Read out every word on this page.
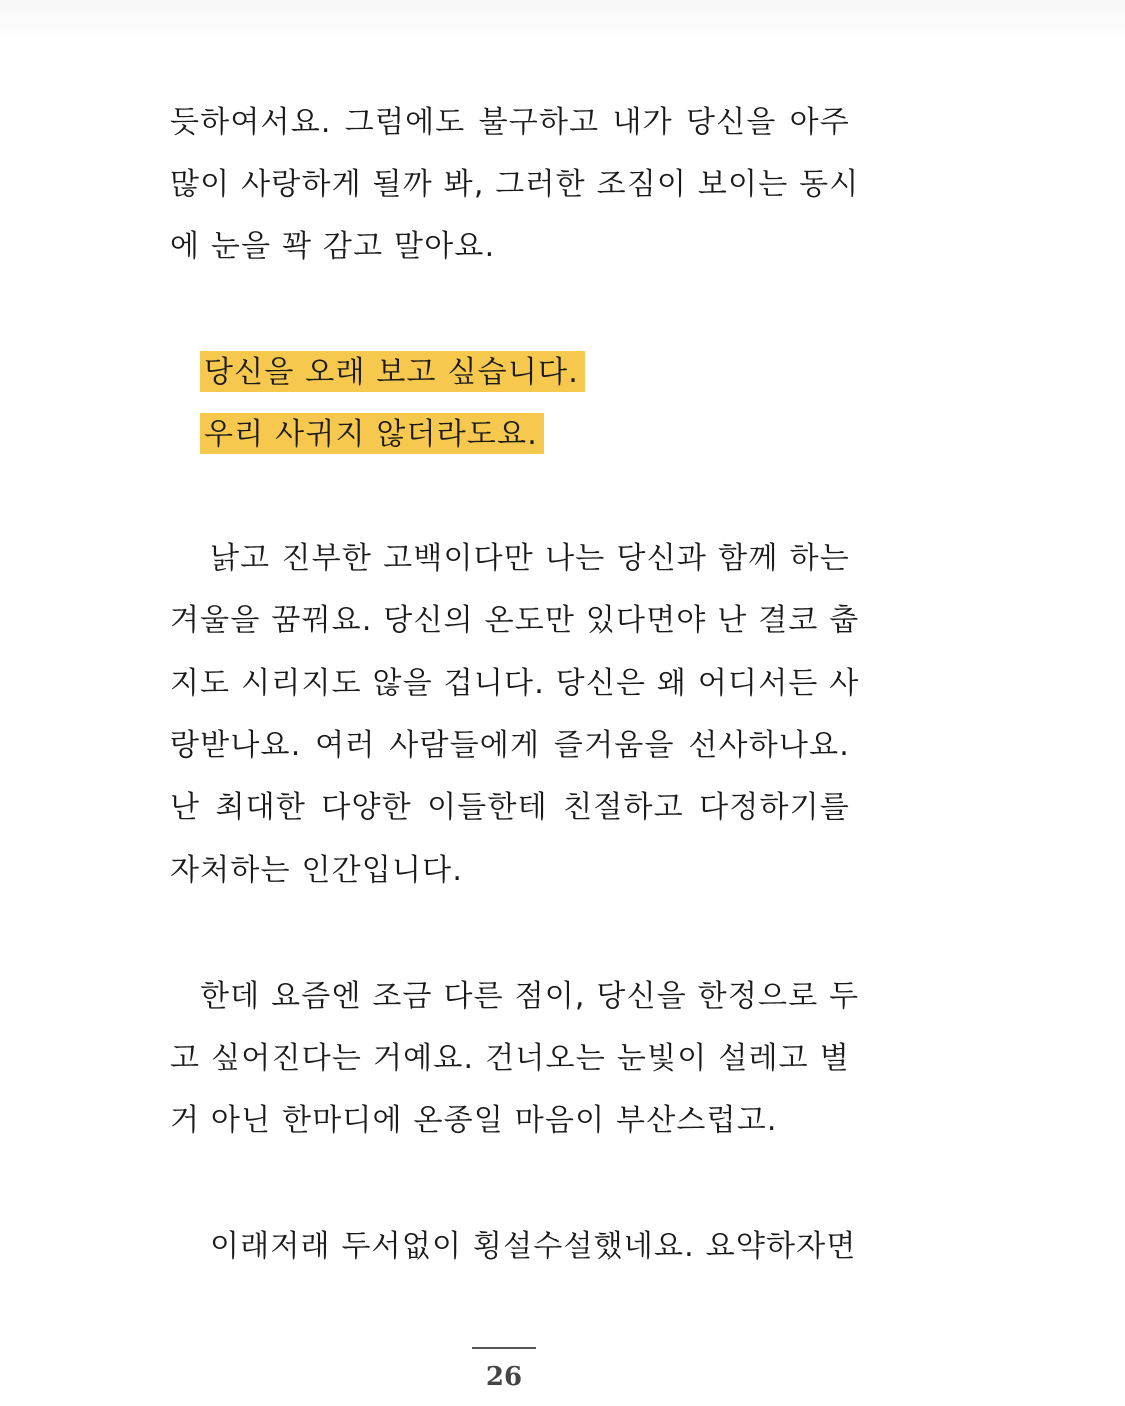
듯하여서요. 그럼에도 불구하고 내가 당신을 아주
많이 사랑하게 될까 봐, 그러한 조짐이 보이는 동시
에 눈을 꽉 감고 말아요.
당신을 오래 보고 싶습니다.
우리 사귀지 않더라도요.
낡고 진부한 고백이다만 나는 당신과 함께 하는
겨울을 꿈꿔요. 당신의 온도만 있다면야 난 결코 춥
지도 시리지도 않을 겁니다. 당신은 왜 어디서든 사
랑받나요. 여러 사람들에게 즐거움을 선사하나요.
난 최대한 다양한 이들한테 친절하고 다정하기를
자처하는 인간입니다.
한데 요즘엔 조금 다른 점이, 당신을 한정으로 두
고 싶어진다는 거예요. 건너오는 눈빛이 설레고 별
거 아닌 한마디에 온종일 마음이 부산스럽고.
이래저래 두서없이 횡설수설했네요. 요약하자면
26
